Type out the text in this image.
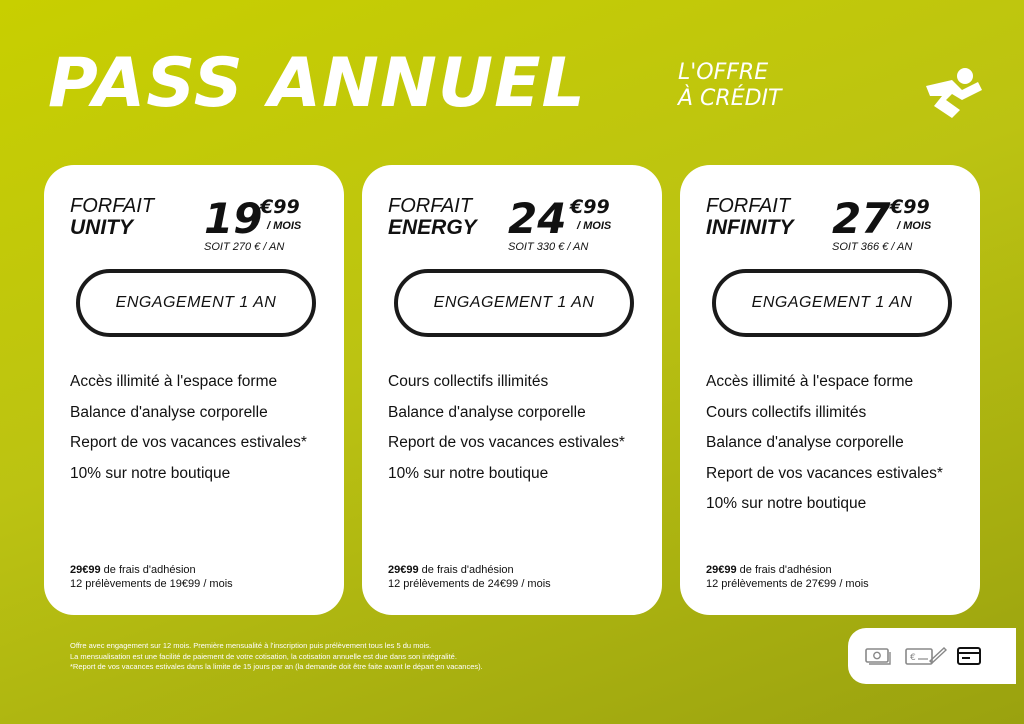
PASS ANNUEL	L'OFFRE
À CRÉDIT
FORFAIT
UNITY	19
€99
/ MOIS
SOIT 270 € / AN
ENGAGEMENT 1 AN
Accès illimité à l'espace forme
Balance d'analyse corporelle
Report de vos vacances estivales*
10% sur notre boutique
29€99 de frais d'adhésion
12 prélèvements de 19€99 / mois
FORFAIT
ENERGY 24 €99
/ MOIS
SOIT 330 € / AN
ENGAGEMENT 1 AN
Cours collectifs illimités
Balance d'analyse corporelle
Report de vos vacances estivales*
10% sur notre boutique
29€99 de frais d'adhésion
12 prélèvements de 24€99 / mois
FORFAIT
INFINITY 27 €99
/ MOIS
SOIT 366 € / AN
ENGAGEMENT 1 AN
Accès illimité à l'espace forme
Cours collectifs illimités
Balance d'analyse corporelle
Report de vos vacances estivales*
10% sur notre boutique
29€99 de frais d'adhésion
12 prélèvements de 27€99 / mois
Offre avec engagement sur 12 mois. Première mensualité à l'inscription puis prélèvement tous les 5 du mois.
La mensualisation est une facilité de paiement de votre cotisation, la cotisation annuelle est due dans son intégralité.
*Report de vos vacances estivales dans la limite de 15 jours par an (la demande doit être faite avant le départ en vacances).
€
